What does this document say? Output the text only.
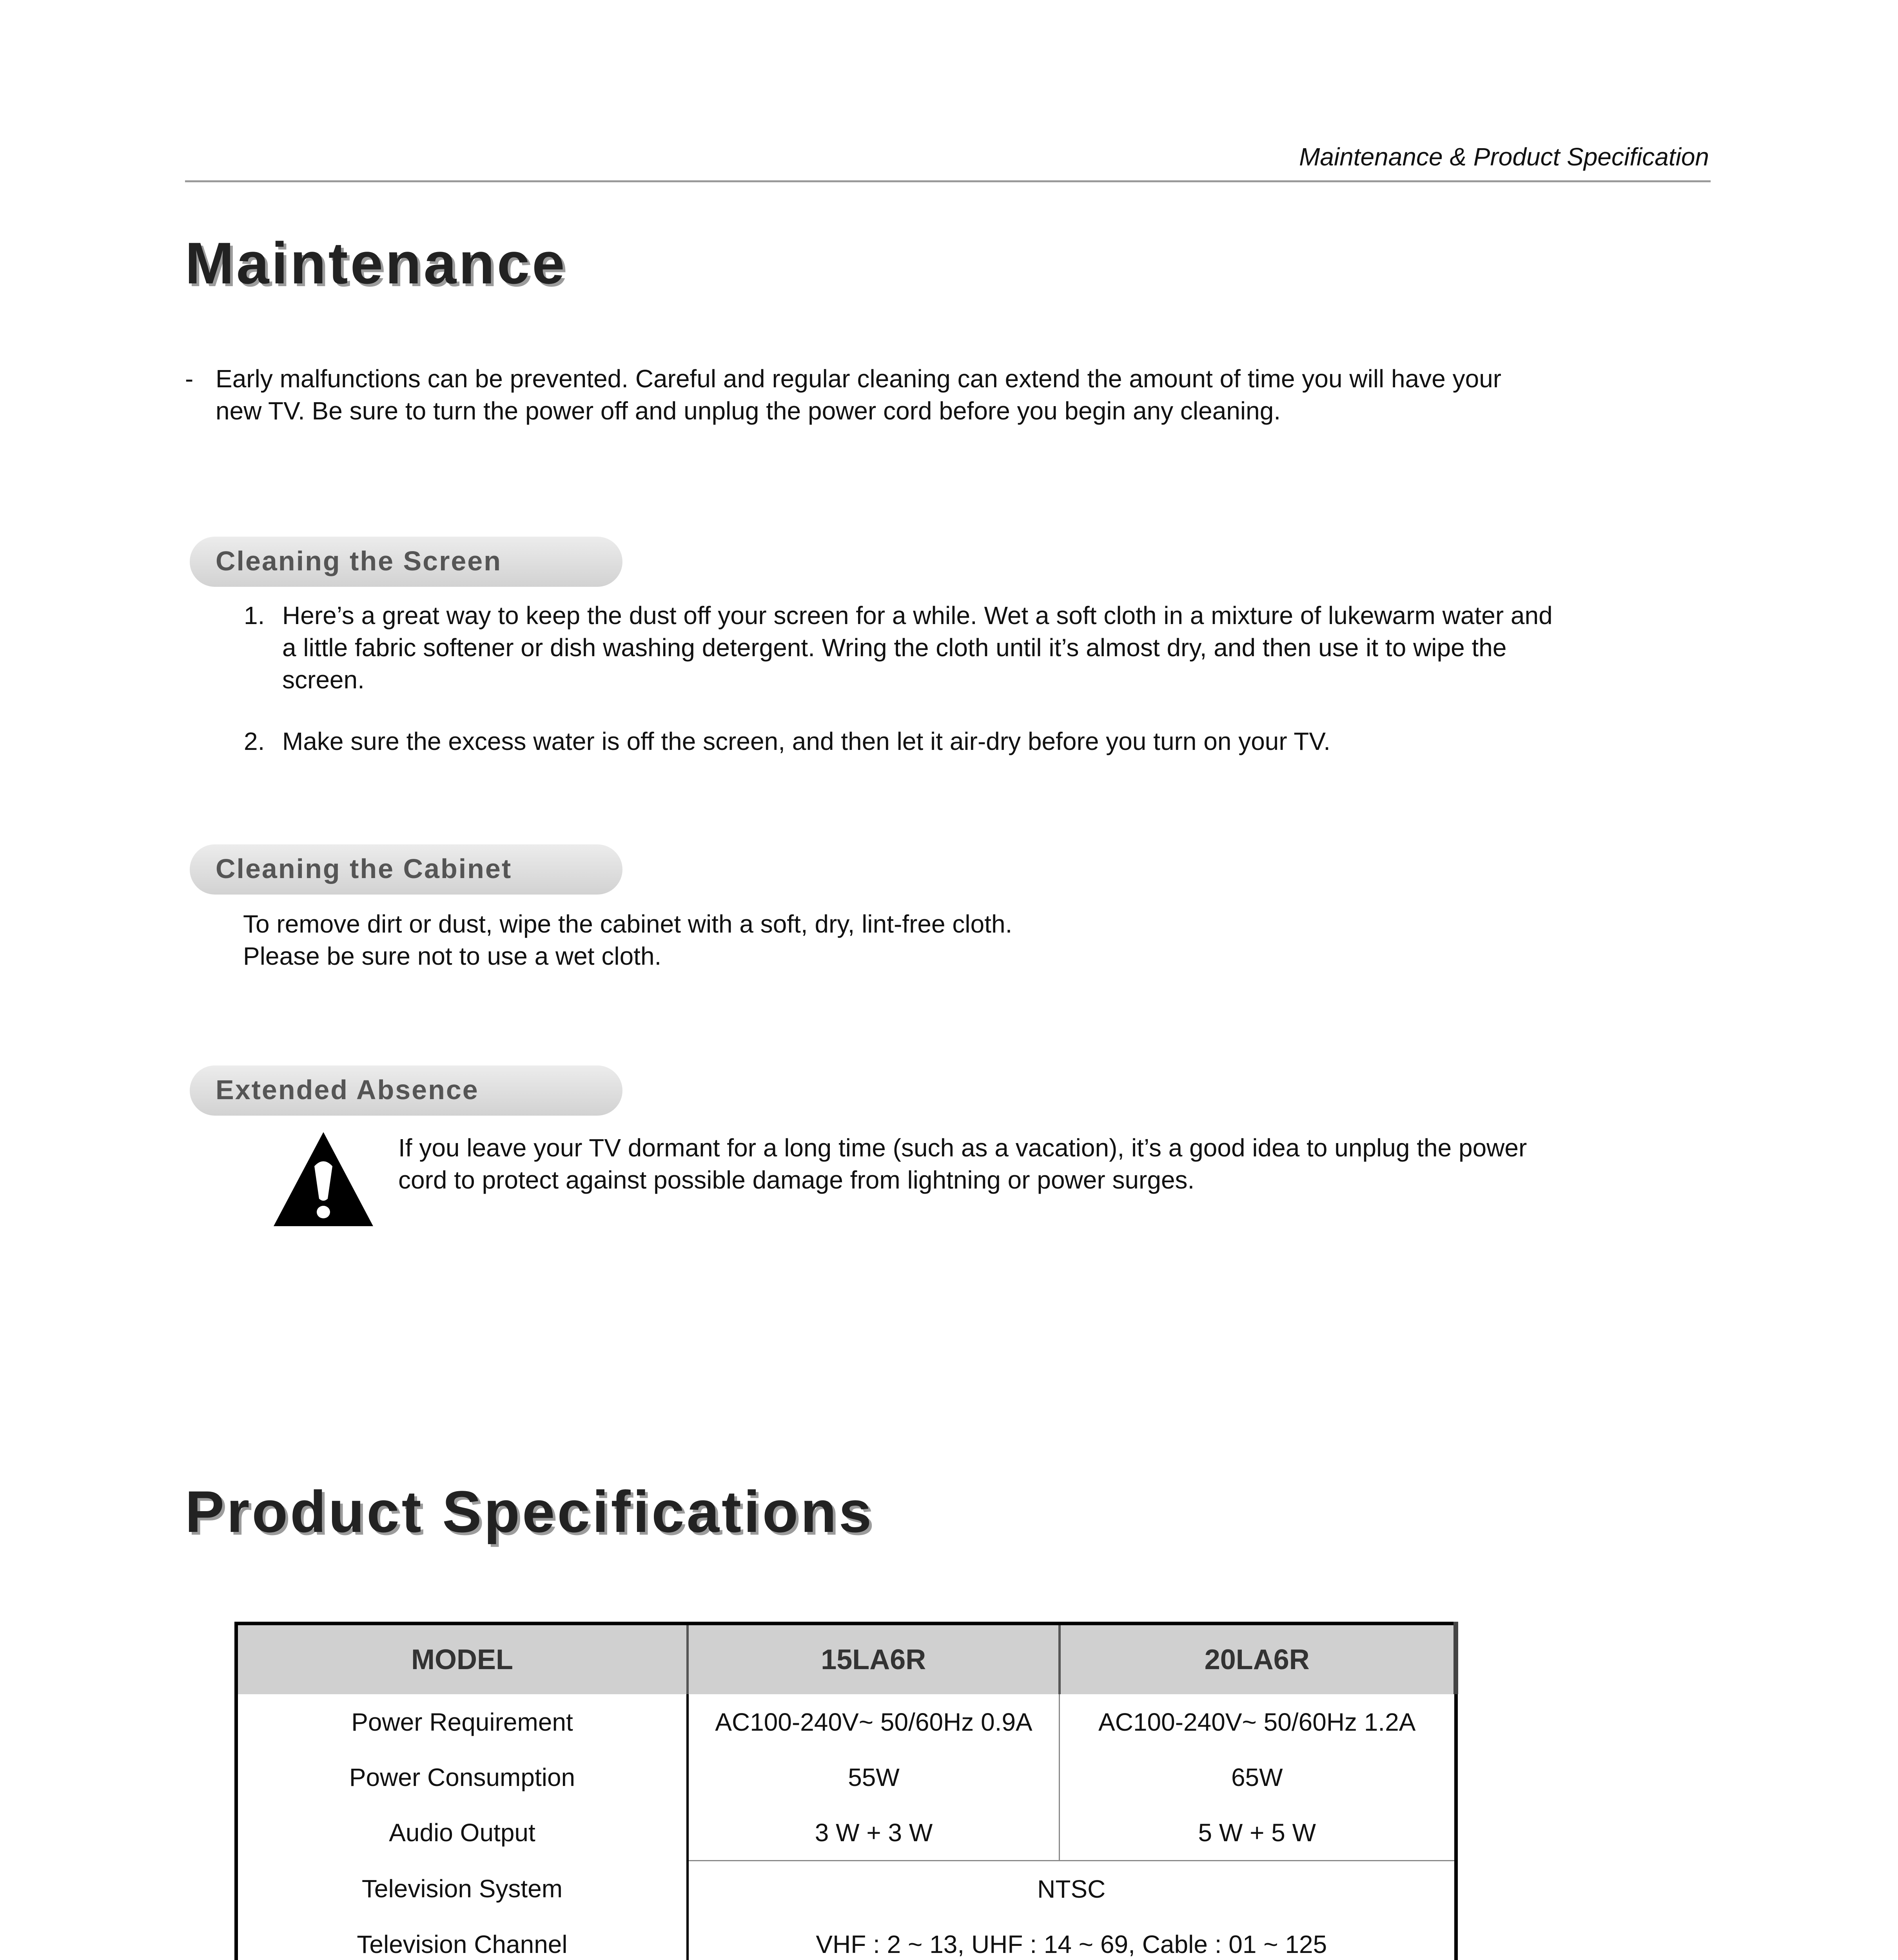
Maintenance & Product Specification
Maintenance
- Early malfunctions can be prevented. Careful and regular cleaning can extend the amount of time you will have your
new TV. Be sure to turn the power off and unplug the power cord before you begin any cleaning.
Cleaning the Screen
1. Here’s a great way to keep the dust off your screen for a while. Wet a soft cloth in a mixture of lukewarm water and
a little fabric softener or dish washing detergent. Wring the cloth until it’s almost dry, and then use it to wipe the
screen.
2. Make sure the excess water is off the screen, and then let it air-dry before you turn on your TV.
Cleaning the Cabinet
To remove dirt or dust, wipe the cabinet with a soft, dry, lint-free cloth.
Please be sure not to use a wet cloth.
Extended Absence
If you leave your TV dormant for a long time (such as a vacation), it’s a good idea to unplug the power
cord to protect against possible damage from lightning or power surges.
Product Specifications
MODEL	15LA6R	20LA6R
Power Requirement	AC100-240V~ 50/60Hz 0.9A	AC100-240V~ 50/60Hz 1.2A
Power Consumption	55W	65W
Audio Output	3 W + 3 W	5 W + 5 W
Television System	NTSC	
Television Channel	VHF : 2 ~ 13, UHF : 14 ~ 69, Cable : 01 ~ 125	
